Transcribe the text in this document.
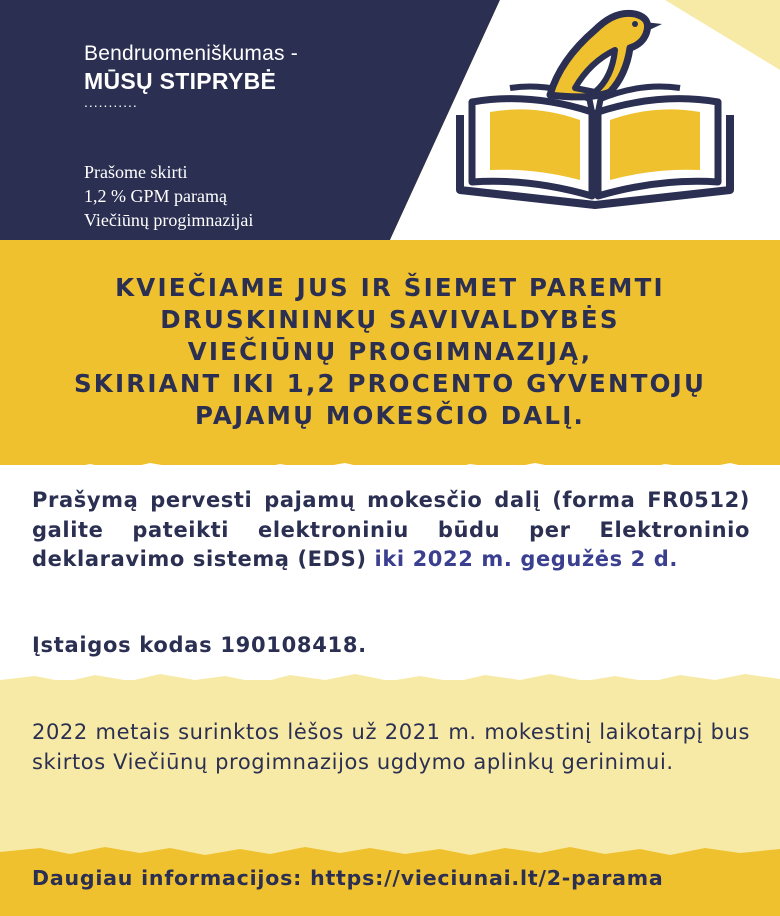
Bendruomeniškumas -
MŪSŲ STIPRYBĖ
...........
Prašome skirti
1,2 % GPM paramą
Viečiūnų progimnazijai
KVIEČIAME JUS IR ŠIEMET PAREMTI
DRUSKININKŲ SAVIVALDYBĖS
VIEČIŪNŲ PROGIMNAZIJĄ,
SKIRIANT IKI 1,2 PROCENTO GYVENTOJŲ
PAJAMŲ MOKESČIO DALĮ.
Prašymą pervesti pajamų mokesčio dalį (forma FR0512) galite pateikti elektroniniu būdu per Elektroninio deklaravimo sistemą (EDS) iki 2022 m. gegužės 2 d.
Įstaigos kodas 190108418.
2022 metais surinktos lėšos už 2021 m. mokestinį laikotarpį bus skirtos Viečiūnų progimnazijos ugdymo aplinkų gerinimui.
Daugiau informacijos: https://vieciunai.lt/2-parama
